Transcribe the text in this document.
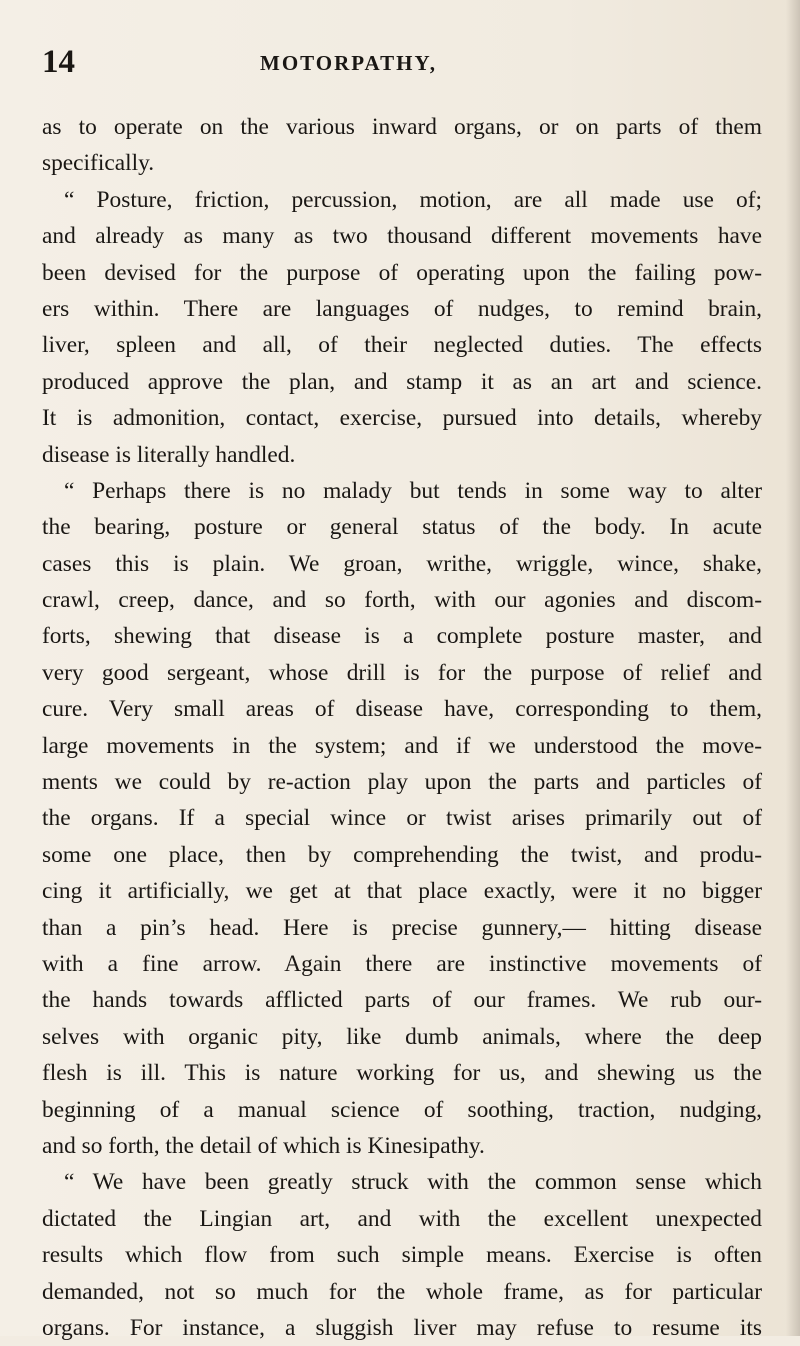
14	MOTORPATHY,
as to operate on the various inward organs, or on parts of them
specifically.
“ Posture, friction, percussion, motion, are all made use of;
and already as many as two thousand different movements have
been devised for the purpose of operating upon the failing pow-
ers within. There are languages of nudges, to remind brain,
liver, spleen and all, of their neglected duties. The effects
produced approve the plan, and stamp it as an art and science.
It is admonition, contact, exercise, pursued into details, whereby
disease is literally handled.
“ Perhaps there is no malady but tends in some way to alter
the bearing, posture or general status of the body. In acute
cases this is plain. We groan, writhe, wriggle, wince, shake,
crawl, creep, dance, and so forth, with our agonies and discom-
forts, shewing that disease is a complete posture master, and
very good sergeant, whose drill is for the purpose of relief and
cure. Very small areas of disease have, corresponding to them,
large movements in the system; and if we understood the move-
ments we could by re-action play upon the parts and particles of
the organs. If a special wince or twist arises primarily out of
some one place, then by comprehending the twist, and produ-
cing it artificially, we get at that place exactly, were it no bigger
than a pin’s head. Here is precise gunnery,— hitting disease
with a fine arrow. Again there are instinctive movements of
the hands towards afflicted parts of our frames. We rub our-
selves with organic pity, like dumb animals, where the deep
flesh is ill. This is nature working for us, and shewing us the
beginning of a manual science of soothing, traction, nudging,
and so forth, the detail of which is Kinesipathy.
“ We have been greatly struck with the common sense which
dictated the Lingian art, and with the excellent unexpected
results which flow from such simple means. Exercise is often
demanded, not so much for the whole frame, as for particular
organs. For instance, a sluggish liver may refuse to resume its
